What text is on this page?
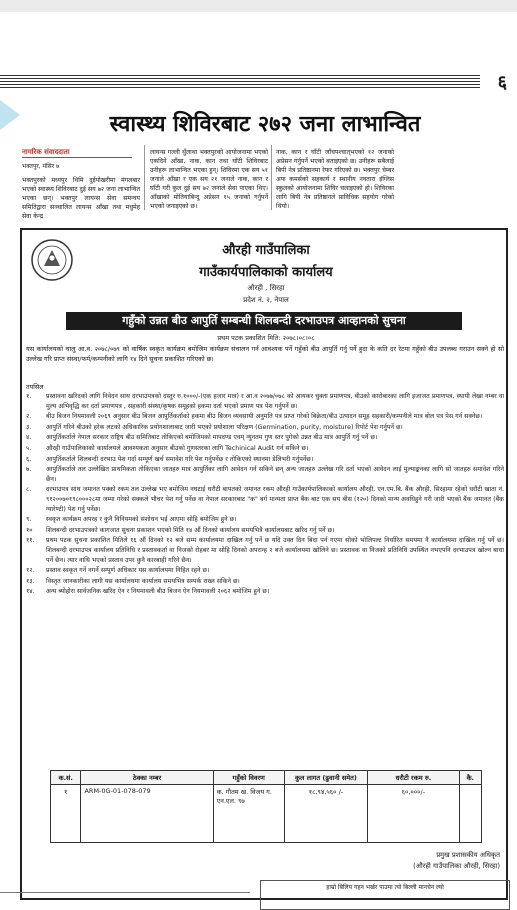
६
स्वास्थ्य शिविरबाट २७२ जना लाभान्वित
नागरिक संवाददाता
भक्तपुर, मंसिर ७

भक्तपुरको मध्यपुर थिमि दुईपोखरीमा मंगलबार भएको स्वास्थ्य शिविरबाट दुई सय ७२ जना लाभान्वित भएका छन्। भक्तपुर लायन्स सेवा समन्वय समितिद्वारा सञ्चालित लायन्स आँखा तथा मधुमेह सेवा केन्द्र

लायन्स गल्ली थुँलाथा भक्तपुरको आयोजनामा भएको एकदिने आँखा, नाक, कान तथा घाँटी शिविरबाट उनीहरू लाभान्वित भएका हुन्। शिविरमा एक सय ५१ जनाले आँखा र एक सय २१ जनाले नाक, कान र घाँटी गरी कुल दुई सय ७२ जनाले सेवा पाएका थिए। आँखाको मोतियाबिन्दु अप्रेसन १५ जनाको गर्नुपर्ने भएको जनाइएको छ।

नाक, कान र घाँटी जाँचपश्चात्‌भएको १२ जनाको अप्रेसन गर्नुपर्ने भएको बताइएको छ। उनीहरू सबैलाई बिपी नेत्र प्रतिष्ठानमा रेफर गरिएको छ। भक्तपुर चेम्बर अफ कमर्सको सहकार्य र स्थानीय नवतारा इंग्लिस स्कुलको आयोजनामा शिविर चलाइएको हो। शिविरका लागि बिपी नेत्र प्रतिष्ठानले प्राविधिक सहयोग गरेको थियो।

औरही गाउँपालिका
गाउँकार्यपालिकाको कार्यालय
औरही , सिरहा
प्रदेश नं. २, नेपाल
गहुँको उन्नत बीउ आपुर्ति सम्बन्धी शिलबन्दी दरभाउपत्र आव्हानको सुचना
प्रथम पटक प्रकाशित मिति: २०७८।०८।०८

यस कार्यालयको चालु आ.व. २०७८/०७९ को वार्षिक स्वकृत कार्यक्रम बमोजिम कार्यक्रम संचालन गर्न आवश्यक पर्ने गहुँको बीउ आपुर्ति गर्नु पर्ने हुदा के कति दर रेटमा गहुँको बीउ उपलब्ध गराउन सक्ने हो सो उल्लेख गरि प्राप्त संस्था/फर्म/कम्पनीको लागि १४ दिने सूचना प्रकाशित गरिएको छ।

तपसिल
१. प्रस्तावना खरिदको लागि निवेदन साथ दरभाउपत्रको दस्तुर रु.१०००/-(एक हजार मात्र) र आ.व २०७७/०७८ को आयकर चुक्ता प्रमाणपत्र, बीउको कारोबारका लागि इजाजत प्रमाणपत्र, स्थायी लेखा नम्बर वा मुल्य अभिवृद्धि कर दर्ता प्रमाणपत्र , सहकारी संस्था/कृषक समूहको हकमा दर्ता भएको प्रमाण पत्र पेश गर्नुपर्ने छ।
२. बीउ बिजन नियमावली २०६९ अनुसार बीउ बिजन आपुर्तिकर्ताको हकमा बीउ बिजन व्यवसायी अनुमति पत्र प्राप्त गरेको बिक्रेता/बीउ उत्पादन समूह सहकारी/कम्पनीले मात्र बोल पत्र पेस गर्न सक्नेछ।
३. आपुर्ति गरिने बीउको हरेक लटको अधिकारिक प्रयोगशालाबाट जारी भएको प्रयोशाला परिक्षण (Germination, purity, moisture) रिपोर्ट पेश गर्नुपर्ने छ।
४. आपुर्तिकर्ताले नेपाल सरकार राष्ट्रिय बीउ समितिबाट तोकिएको बमोजिमको मापदण्ड एवम् न्युनतम गुण स्तर पुगेको उन्नत बीउ मात्र आपुर्ति गर्नु पर्ने छ।
५. औरही गाउँपालिकाको कार्यालयले आवश्यकता अनुसार बीउको गुणस्तरका लागि Techinical Audit गर्न सकिने छ।
६. आपुर्तिकर्ताले शिलबन्दी दरभाउ पेश गर्दा सम्पूर्ण खर्च समावेश गरि पेश गर्नुपर्नेछ र तोकिएको स्थानमा डेलिभरी गर्नुपर्नेछ।
७. आपुर्तिकर्ताले तल उल्लेखित प्राथमिकता तोकिएका जातहरु मात्र आपुर्तिका लागि आवेदन गर्न सकिने छन् अन्य जातहरु उल्लेख गरि दर्ता भएको आवेदन लाई मुल्याङ्कनका लागि सो जातहरु समावेश गरिने छैन।
८. दरभाउपत्र साथ जमानत पक्को रकम तल उल्लेख भए बमोजिम नघटाई धरौटी बापतको जमानत रकम औरही गाउँकार्यपालिकाको कार्यालय औरही, एन.एम.बि. बैंक औरही, सिरहामा रहेको धरौटी खाता नं. ९१२००७०१९८०००२८मा जम्मा गरेको सक्कले भौचर पेश गर्नु पर्नेछ वा नेपाल सरकारबाट "क" बर्ग मान्यता प्राप्त बैंक बाट एक सय बीस (१२०) दिनको मान्य अवधिहुने गरी जारी भएको बैंक जमानत (बैंक ग्यारेण्टी) पेश गर्नु पर्नेछ।
९. स्वकृत कार्यक्रम अपरह र कुनै विनियमको संशोधन भई आएमा सोहि बमोजिम हुने छ।
१० शिलबन्दी दरभाउपत्रको कागजात सुचना प्रकाशन भएको मिति १४ औं दिनको कार्यालय समयभित्रै कार्यालयबाट खरिद गर्नु पर्ने छ।
११. प्रथम पटक सुचना प्रकाशित मितिले १६ औं दिनको १२ बजे सम्म कार्यालयमा दाखिल गर्नु पर्ने छ यदि उक्त दिन बिदा पर्न गएमा सोको भोलिपल्ट निर्धारित समयमा नै कार्यालयमा दाखिल गर्नु पर्ने छ। शिलबन्दी दरभाउपत्र कार्यालय प्रतिनिधि र प्रस्तावकर्ता वा निजको रोहबर मा सोहि दिनको अपरान्ह २ बजे कार्यालयमा खोलिने छ। प्रस्तावक वा निजको प्रतिनिधि उपस्थित नभएपनि दरभाउपत्र खोल्न बाधा पर्ने छैन। त्यार नाथि भएको प्रस्ताव उपर कुनै कारबाही गरिने छैन।
१२. प्रस्ताव स्वकृत गर्ने नगर्ने सम्पूर्ण अधिकार यस कार्यालयमा निहित रहने छ।
१३. विस्तृत जानकारीका लागी यस कार्यालयमा कार्यालय समयभित्र सम्पर्क राख्न सकिने छ।
१४. अन्य ब्योहोरा सार्वजनिक खरिद ऐन र नियमावली बीउ बिजन ऐन नियमावली २०६२ बमोजिम हुने छ।
क.सं.	ठेक्का नम्बर	गहुँको विवरण	कुल लागत (ढुवानी समेत)	धरौटी रकम रु.	कै.
१	ARM-0G-01-078-079	क. गौतम ख. विजय ग. एन.एल. ९७	१८,९४,५६० /-	६०,०००/-	
प्रमुख प्रशासकीय अधिकृत
(औरही गाउँपालिका औरही, सिरहा)
हाम्रो बिलिय गहन भर्खर पाउमा त्यो बिल्ली मानचेन ल्यो
